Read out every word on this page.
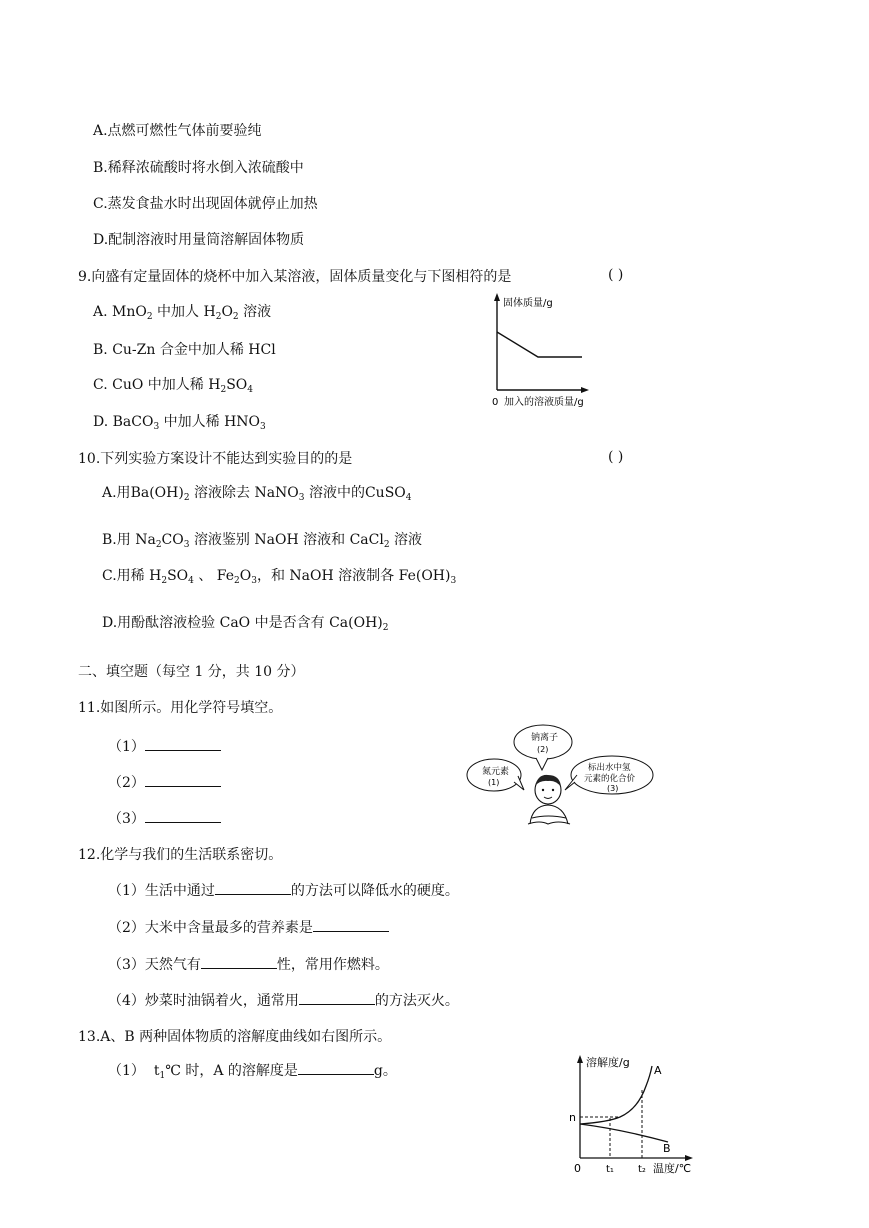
A.点燃可燃性气体前要验纯
B.稀释浓硫酸时将水倒入浓硫酸中
C.蒸发食盐水时出现固体就停止加热
D.配制溶液时用量筒溶解固体物质
9.向盛有定量固体的烧杯中加入某溶液，固体质量变化与下图相符的是	( )
A. MnO$_2$ 中加人 $H_2O_2$ 溶液
B. Cu-Zn 合金中加人稀 HCl
C. CuO 中加人稀 $H_2SO_4$
D. BaCO$_3$ 中加人稀 $HNO_3$
固体质量/g
0 加入的溶液质量/g
10.下列实验方案设计不能达到实验目的的是	( )
A.用$Ba(OH)_2$ 溶液除去 NaNO$_3$ 溶液中的CuSO$_4$
B.用 $Na_2CO_3$ 溶液鉴别 NaOH 溶液和 CaCl$_2$ 溶液
C.用稀 $H_2SO_4$ 、 $Fe_2O_3$，和 NaOH 溶液制各 $Fe(OH)_3$
D.用酚酞溶液检验 CaO 中是否含有 $Ca(OH)_2$
二、填空题（每空 1 分，共 10 分）
11.如图所示。用化学符号填空。
（1）
（2）
（3）
钠离子
(2)
氮元素
(1)
标出水中氢
元素的化合价
(3)
12.化学与我们的生活联系密切。
（1）生活中通过	的方法可以降低水的硬度。
（2）大米中含量最多的营养素是
（3）天然气有	性，常用作燃料。
（4）炒菜时油锅着火，通常用	的方法灭火。
13.A、B 两种固体物质的溶解度曲线如右图所示。
（1） $t_1℃$ 时，A 的溶解度是	g。
溶解度/g
A
B
n
0	t₁ t₂ 温度/℃
